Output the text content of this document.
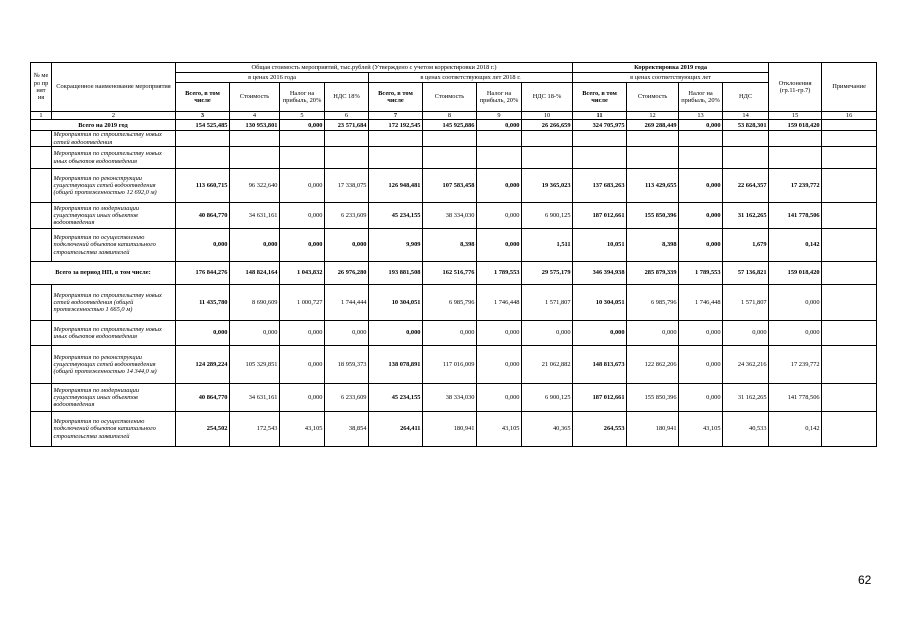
№ ме ро пр ият ия	Сокращенное наименование мероприятия	Общая стоимость мероприятий, тыс.рублей (Утверждено с учетом корректировки 2018 г.)								Корректировка 2019 года				Отклонения (гр.11-гр.7)	Примечание
		в ценах 2016 года				в ценах соответствующих лет 2018 г.				в ценах соответствующих лет					
		Всего, в том числе	Стоимость	Налог на прибыль, 20%	НДС 18%	Всего, в том числе	Стоимость	Налог на прибыль, 20%	НДС 18-%	Всего, в том числе	Стоимость	Налог на прибыль, 20%	НДС		
1	2	3	4	5	6	7	8	9	10	11	12	13	14	15	16
Всего на 2019 год		154 525,485	130 953,801	0,000	23 571,684	172 192,545	145 925,886	0,000	26 266,659	324 705,975	269 288,449	0,000	53 828,301	159 018,420	
	Мероприятия по строительству новых сетей водоотведения														
	Мероприятия по строительству новых иных объектов водоотведения														
	Мероприятия по реконструкции существующих сетей водоотведения (общей протяженностью 12 692,0 м)	113 660,715	96 322,640	0,000	17 338,075	126 948,481	107 583,458	0,000	19 365,023	137 683,263	113 429,655	0,000	22 664,357	17 239,772	
	Мероприятия по модернизации существующих иных объектов водоотведения	40 864,770	34 631,161	0,000	6 233,609	45 234,155	38 334,030	0,000	6 900,125	187 012,661	155 850,396	0,000	31 162,265	141 778,506	
	Мероприятия по осуществлению подключений объектов капитального строительства заявителей	0,000	0,000	0,000	0,000	9,909	8,398	0,000	1,511	10,051	8,398	0,000	1,679	0,142	
Всего за период НП, в том числе:		176 844,276	148 824,164	1 043,832	26 976,280	193 881,508	162 516,776	1 789,553	29 575,179	346 394,938	285 879,339	1 789,553	57 136,821	159 018,420	
	Мероприятия по строительству новых сетей водоотведения (общей протяженностью 1 665,0 м)	11 435,780	8 690,609	1 000,727	1 744,444	10 304,051	6 985,796	1 746,448	1 571,807	10 304,051	6 985,796	1 746,448	1 571,807	0,000	
	Мероприятия по строительству новых иных объектов водоотведения	0,000	0,000	0,000	0,000	0,000	0,000	0,000	0,000	0,000	0,000	0,000	0,000	0,000	
	Мероприятия по реконструкции существующих сетей водоотведения (общей протяженностью 14 344,0 м)	124 289,224	105 329,851	0,000	18 959,373	138 078,891	117 016,009	0,000	21 062,882	148 813,673	122 862,206	0,000	24 362,216	17 239,772	
	Мероприятия по модернизации существующих иных объектов водоотведения	40 864,770	34 631,161	0,000	6 233,609	45 234,155	38 334,030	0,000	6 900,125	187 012,661	155 850,396	0,000	31 162,265	141 778,506	
	Мероприятия по осуществлению подключений объектов капитального строительства заявителей	254,502	172,543	43,105	38,854	264,411	180,941	43,105	40,365	264,553	180,941	43,105	40,533	0,142	
62
